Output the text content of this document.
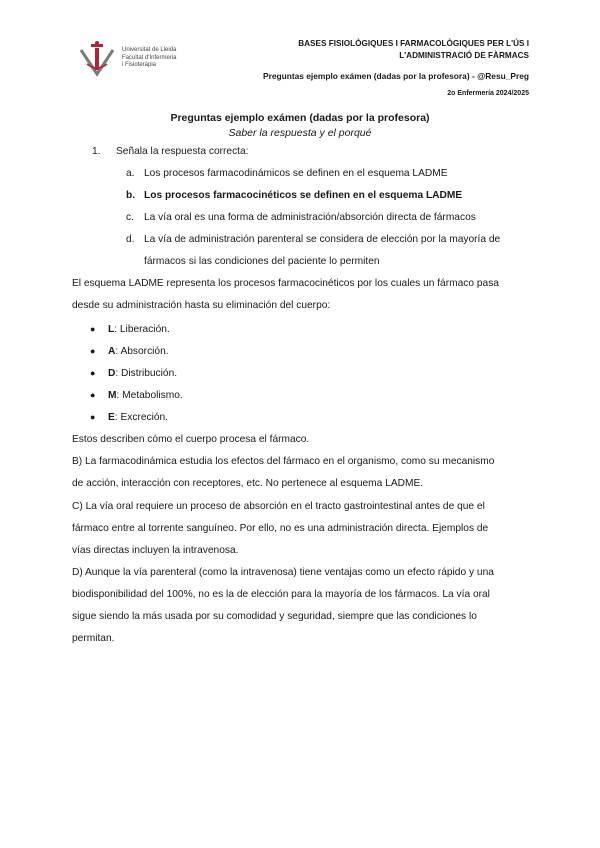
Universitat de Lleida
Facultat d'Infermeria
i Fisioteràpia
BASES FISIOLÒGIQUES I FARMACOLÒGIQUES PER L'ÚS I
L'ADMINISTRACIÓ DE FÀRMACS
Preguntas ejemplo exámen (dadas por la profesora) - @Resu_Preg
2o Enfermería 2024/2025
Preguntas ejemplo exámen (dadas por la profesora)
Saber la respuesta y el porqué
1. Señala la respuesta correcta:
a. Los procesos farmacodinámicos se definen en el esquema LADME
b. Los procesos farmacocinéticos se definen en el esquema LADME
c. La vía oral es una forma de administración/absorción directa de fármacos
d. La vía de administración parenteral se considera de elección por la mayoría de
fármacos si las condiciones del paciente lo permiten
El esquema LADME representa los procesos farmacocinéticos por los cuales un fármaco pasa
desde su administración hasta su eliminación del cuerpo:
● L: Liberación.
● A: Absorción.
● D: Distribución.
● M: Metabolismo.
● E: Excreción.
Estos describen cómo el cuerpo procesa el fármaco.
B) La farmacodinámica estudia los efectos del fármaco en el organismo, como su mecanismo
de acción, interacción con receptores, etc. No pertenece al esquema LADME.
C) La vía oral requiere un proceso de absorción en el tracto gastrointestinal antes de que el
fármaco entre al torrente sanguíneo. Por ello, no es una administración directa. Ejemplos de
vías directas incluyen la intravenosa.
D) Aunque la vía parenteral (como la intravenosa) tiene ventajas como un efecto rápido y una
biodisponibilidad del 100%, no es la de elección para la mayoría de los fármacos. La vía oral
sigue siendo la más usada por su comodidad y seguridad, siempre que las condiciones lo
permitan.
